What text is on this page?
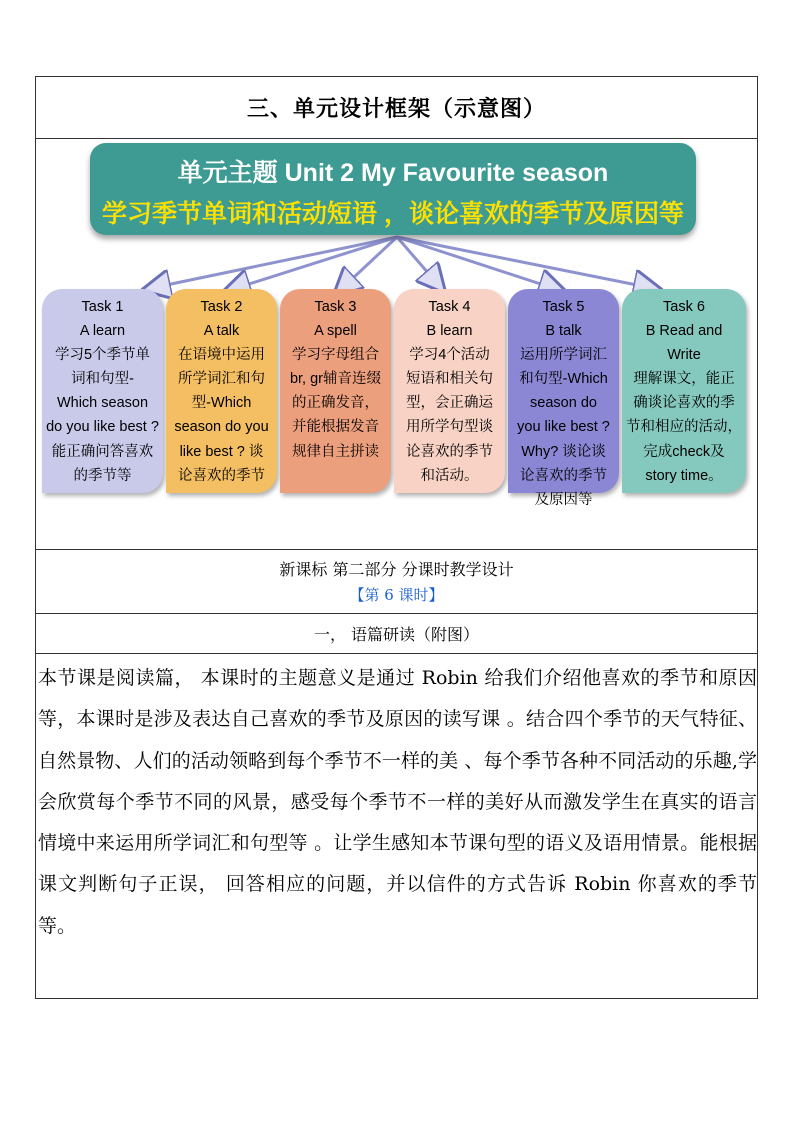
三、单元设计框架（示意图）
单元主题 Unit 2 My Favourite season
学习季节单词和活动短语 ，谈论喜欢的季节及原因等
Task 1
A learn
学习5个季节单
词和句型-
Which season
do you like best ?
能正确问答喜欢
的季节等
Task 2
A talk
在语境中运用
所学词汇和句
型-Which
season do you
like best ? 谈
论喜欢的季节
Task 3
A spell
学习字母组合
br, gr辅音连缀
的正确发音，
并能根据发音
规律自主拼读
Task 4
B learn
学习4个活动
短语和相关句
型，会正确运
用所学句型谈
论喜欢的季节
和活动。
Task 5
B talk
运用所学词汇
和句型-Which
season do
you like best ?
Why? 谈论谈
论喜欢的季节
及原因等
Task 6
B Read and
Write
理解课文，能正
确谈论喜欢的季
节和相应的活动，
完成check及
story time。
新课标 第二部分 分课时教学设计
【第 6 课时】
一， 语篇研读（附图）
本节课是阅读篇， 本课时的主题意义是通过 Robin 给我们介绍他喜欢的季节和原因等，本课时是涉及表达自己喜欢的季节及原因的读写课 。结合四个季节的天气特征、自然景物、人们的活动领略到每个季节不一样的美 、每个季节各种不同活动的乐趣,学会欣赏每个季节不同的风景，感受每个季节不一样的美好从而激发学生在真实的语言情境中来运用所学词汇和句型等 。让学生感知本节课句型的语义及语用情景。能根据课文判断句子正误， 回答相应的问题，并以信件的方式告诉 Robin 你喜欢的季节等。
